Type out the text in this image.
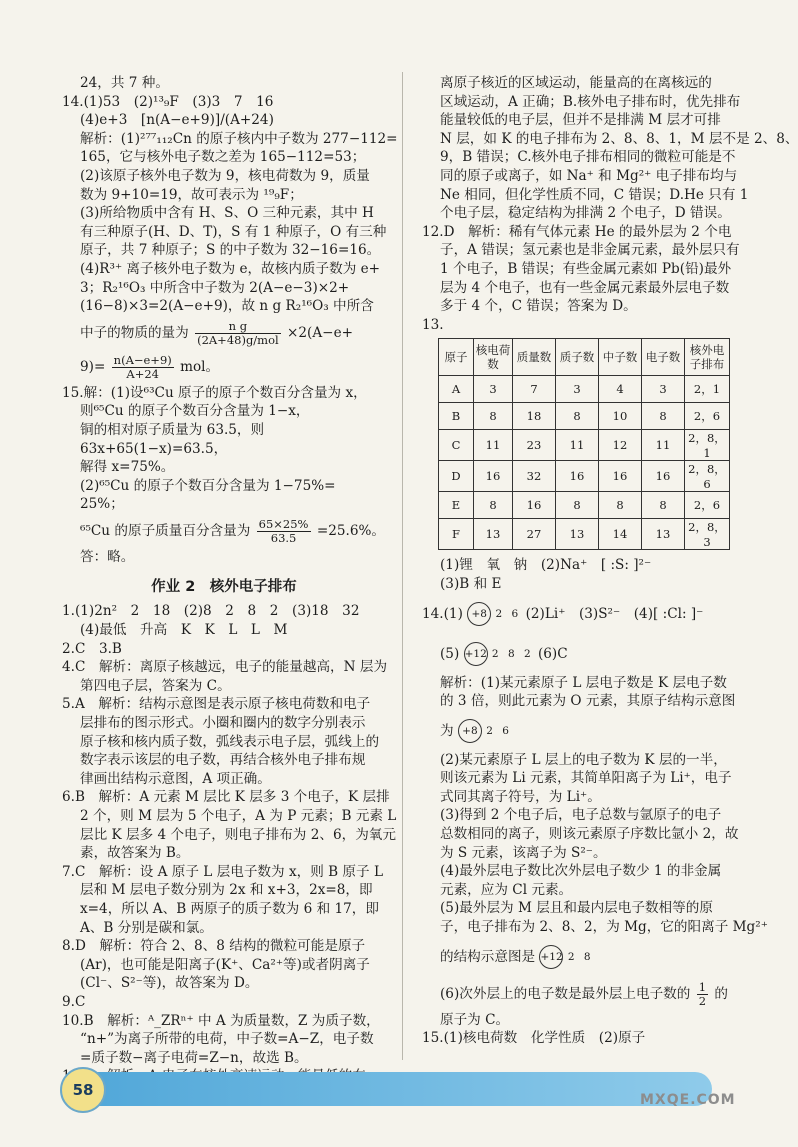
24，共 7 种。
14.(1)53　(2)¹³₉F　(3)3　7　16
(4)e+3　[n(A−e+9)]/(A+24)
解析：(1)²⁷⁷₁₁₂Cn 的原子核内中子数为 277−112=
165，它与核外电子数之差为 165−112=53；
(2)该原子核外电子数为 9，核电荷数为 9，质量
数为 9+10=19，故可表示为 ¹⁹₉F；
(3)所给物质中含有 H、S、O 三种元素，其中 H
有三种原子(H、D、T)，S 有 1 种原子，O 有三种
原子，共 7 种原子；S 的中子数为 32−16=16。
(4)R³⁺ 离子核外电子数为 e，故核内质子数为 e+
3；R₂¹⁶O₃ 中所含中子数为 2(A−e−3)×2+
(16−8)×3=2(A−e+9)，故 n g R₂¹⁶O₃ 中所含
中子的物质的量为 $\frac{\text{n g}}{\text{(2A+48)g/mol}} \times 2(A-e+$
$9)= \frac{n(A-e+9)}{A+24}$ mol。
15.解：(1)设⁶³Cu 原子的原子个数百分含量为 x，
则⁶⁵Cu 的原子个数百分含量为 1−x，
铜的相对原子质量为 63.5，则
63x+65(1−x)=63.5，
解得 x=75%。
(2)⁶⁵Cu 的原子个数百分含量为 1−75%=
25%；
⁶⁵Cu 的原子质量百分含量为 $\frac{65\times 25\%}{63.5} =25.6\%$。
答：略。
作业 2　核外电子排布
1.(1)2n²　2　18　(2)8　2　8　2　(3)18　32
(4)最低　升高　K　K　L　L　M
2.C　3.B
4.C　解析：离原子核越远，电子的能量越高，N 层为
第四电子层，答案为 C。
5.A　解析：结构示意图是表示原子核电荷数和电子
层排布的图示形式。小圈和圈内的数字分别表示
原子核和核内质子数，弧线表示电子层，弧线上的
数字表示该层的电子数，再结合核外电子排布规
律画出结构示意图，A 项正确。
6.B　解析：A 元素 M 层比 K 层多 3 个电子，K 层排
2 个，则 M 层为 5 个电子，A 为 P 元素；B 元素 L
层比 K 层多 4 个电子，则电子排布为 2、6，为氧元
素，故答案为 B。
7.C　解析：设 A 原子 L 层电子数为 x，则 B 原子 L
层和 M 层电子数分别为 2x 和 x+3，2x=8，即
x=4，所以 A、B 两原子的质子数为 6 和 17，即
A、B 分别是碳和氯。
8.D　解析：符合 2、8、8 结构的微粒可能是原子
(Ar)，也可能是阳离子(K⁺、Ca²⁺等)或者阴离子
(Cl⁻、S²⁻等)，故答案为 D。
9.C
10.B　解析：ᴬ_ZRⁿ⁺ 中 A 为质量数，Z 为质子数，
“n+”为离子所带的电荷，中子数=A−Z，电子数
=质子数−离子电荷=Z−n，故选 B。
离原子核近的区域运动，能量高的在离核远的
区域运动，A 正确；B.核外电子排布时，优先排布
能量较低的电子层，但并不是排满 M 层才可排
N 层，如 K 的电子排布为 2、8、8、1，M 层不是 2、8、
9，B 错误；C.核外电子排布相同的微粒可能是不
同的原子或离子，如 Na⁺ 和 Mg²⁺ 电子排布均与
Ne 相同，但化学性质不同，C 错误；D.He 只有 1
个电子层，稳定结构为排满 2 个电子，D 错误。
12.D　解析：稀有气体元素 He 的最外层为 2 个电
子，A 错误；氢元素也是非金属元素，最外层只有
1 个电子，B 错误；有些金属元素如 Pb(铅)最外
层为 4 个电子，也有一些金属元素最外层电子数
多于 4 个，C 错误；答案为 D。
13.
原子	核电荷数	质量数	质子数	中子数	电子数	核外电子排布
A	3	7	3	4	3	2，1
B	8	18	8	10	8	2，6
C	11	23	11	12	11	2，8，1
D	16	32	16	16	16	2，8，6
E	8	16	8	8	8	2，6
F	13	27	13	14	13	2，8，3
(1)锂　氧　钠　(2)Na⁺　[ :S: ]²⁻
(3)B 和 E
14.(1) +8 2 6 (2)Li⁺　(3)S²⁻　(4)[ :Cl: ]⁻
(5) +12 2 8 2 (6)C
解析：(1)某元素原子 L 层电子数是 K 层电子数
的 3 倍，则此元素为 O 元素，其原子结构示意图
为 +8 2 6
(2)某元素原子 L 层上的电子数为 K 层的一半，
则该元素为 Li 元素，其简单阳离子为 Li⁺，电子
式同其离子符号，为 Li⁺。
(3)得到 2 个电子后，电子总数与氩原子的电子
总数相同的离子，则该元素原子序数比氩小 2，故
为 S 元素，该离子为 S²⁻。
(4)最外层电子数比次外层电子数少 1 的非金属
元素，应为 Cl 元素。
(5)最外层为 M 层且和最内层电子数相等的原
子，电子排布为 2、8、2，为 Mg，它的阳离子 Mg²⁺
的结构示意图是 +12 2 8
(6)次外层上的电子数是最外层上电子数的 $\frac{1}{2}$ 的
原子为 C。
15.(1)核电荷数　化学性质　(2)原子
58
MXQE.COM
